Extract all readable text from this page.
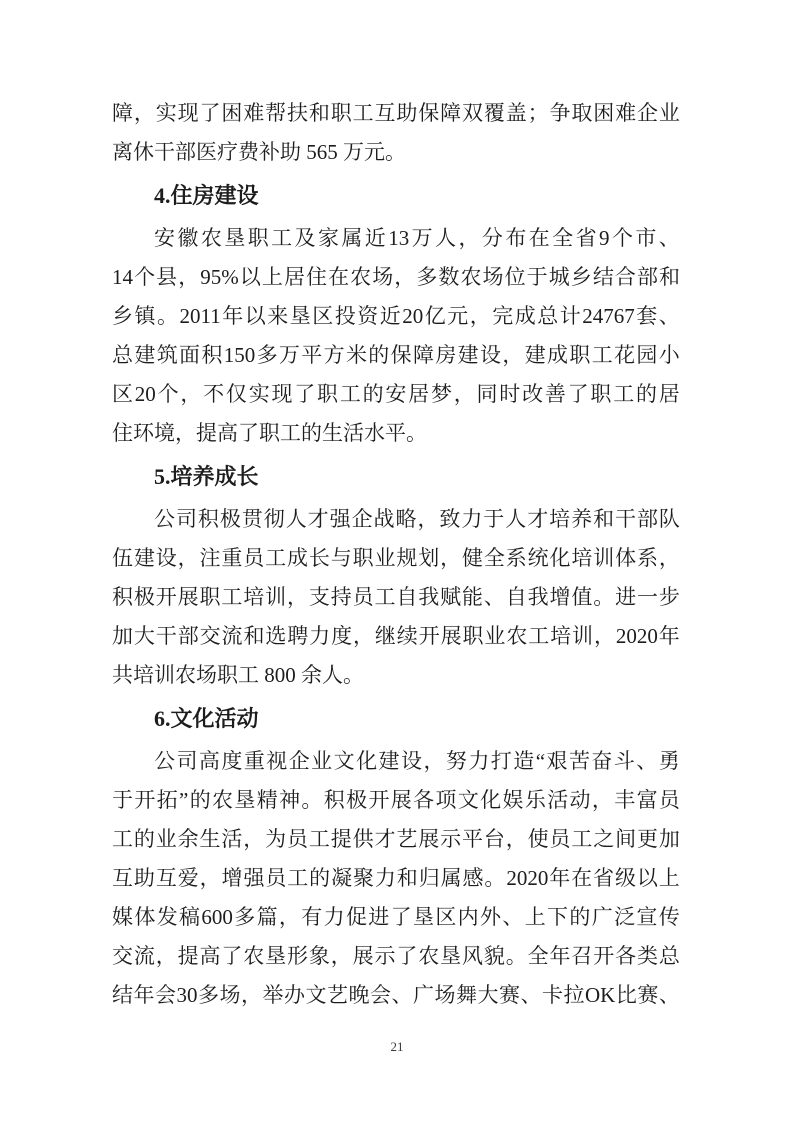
障 ， 实 现 了 困 难 帮 扶 和 职 工 互 助 保 障 双 覆 盖 ； 争 取 困 难 企 业
离休干部医疗费补助 565 万元。
4.住房建设
安 徽 农 垦 职 工 及 家 属 近 13 万 人 ， 分 布 在 全 省 9 个 市 、
14 个 县 ， 95% 以 上 居 住 在 农 场 ， 多 数 农 场 位 于 城 乡 结 合 部 和
乡 镇 。 2011 年 以 来 垦 区 投 资 近 20 亿 元 ， 完 成 总 计 24767 套 、
总 建 筑 面 积 150 多 万 平 方 米 的 保 障 房 建 设 ， 建 成 职 工 花 园 小
区 20 个 ， 不 仅 实 现 了 职 工 的 安 居 梦 ， 同 时 改 善 了 职 工 的 居
住环境，提高了职工的生活水平。
5.培养成长
公 司 积 极 贯 彻 人 才 强 企 战 略 ， 致 力 于 人 才 培 养 和 干 部 队
伍 建 设 ， 注 重 员 工 成 长 与 职 业 规 划 ， 健 全 系 统 化 培 训 体 系 ，
积 极 开 展 职 工 培 训 ， 支 持 员 工 自 我 赋 能 、 自 我 增 值 。 进 一 步
加 大 干 部 交 流 和 选 聘 力 度 ， 继 续 开 展 职 业 农 工 培 训 ， 2020 年
共培训农场职工 800 余人。
6.文化活动
公 司 高 度 重 视 企 业 文 化 建 设 ， 努 力 打 造 “ 艰 苦 奋 斗 、 勇
于 开 拓 ” 的 农 垦 精 神 。 积 极 开 展 各 项 文 化 娱 乐 活 动 ， 丰 富 员
工 的 业 余 生 活 ， 为 员 工 提 供 才 艺 展 示 平 台 ， 使 员 工 之 间 更 加
互 助 互 爱 ， 增 强 员 工 的 凝 聚 力 和 归 属 感 。 2020 年 在 省 级 以 上
媒 体 发 稿 600 多 篇 ， 有 力 促 进 了 垦 区 内 外 、 上 下 的 广 泛 宣 传
交 流 ， 提 高 了 农 垦 形 象 ， 展 示 了 农 垦 风 貌 。 全 年 召 开 各 类 总
结 年 会 30 多 场 ， 举 办 文 艺 晚 会 、 广 场 舞 大 赛 、 卡 拉 OK 比 赛 、
21
